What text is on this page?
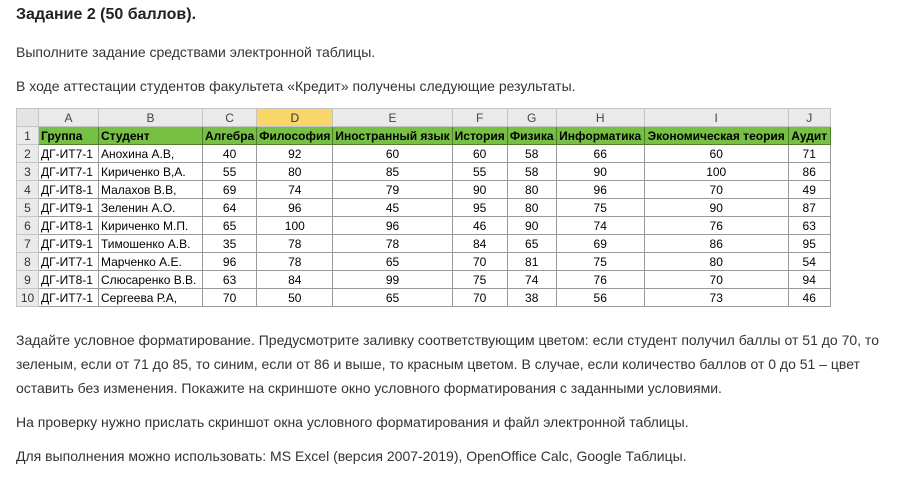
Задание 2 (50 баллов).
Выполните задание средствами электронной таблицы.
В ходе аттестации студентов факультета «Кредит» получены следующие результаты.
	A	B	C	D	E	F	G	H	I	J
1	Группа	Студент	Алгебра	Философия	Иностранный язык	История	Физика	Информатика	Экономическая теория	Аудит
2	ДГ-ИТ7-1	Анохина А.В,	40	92	60	60	58	66	60	71
3	ДГ-ИТ7-1	Кириченко В,А.	55	80	85	55	58	90	100	86
4	ДГ-ИТ8-1	Малахов В.В,	69	74	79	90	80	96	70	49
5	ДГ-ИТ9-1	Зеленин А.О.	64	96	45	95	80	75	90	87
6	ДГ-ИТ8-1	Кириченко М.П.	65	100	96	46	90	74	76	63
7	ДГ-ИТ9-1	Тимошенко А.В.	35	78	78	84	65	69	86	95
8	ДГ-ИТ7-1	Марченко А.Е.	96	78	65	70	81	75	80	54
9	ДГ-ИТ8-1	Слюсаренко В.В.	63	84	99	75	74	76	70	94
10	ДГ-ИТ7-1	Сергеева Р.А,	70	50	65	70	38	56	73	46
Задайте условное форматирование. Предусмотрите заливку соответствующим цветом: если студент получил баллы от 51 до 70, то зеленым, если от 71 до 85, то синим, если от 86 и выше, то красным цветом. В случае, если количество баллов от 0 до 51 – цвет оставить без изменения. Покажите на скриншоте окно условного форматирования с заданными условиями.
На проверку нужно прислать скриншот окна условного форматирования и файл электронной таблицы.
Для выполнения можно использовать: MS Excel (версия 2007-2019), OpenOffice Calc, Google Таблицы.
